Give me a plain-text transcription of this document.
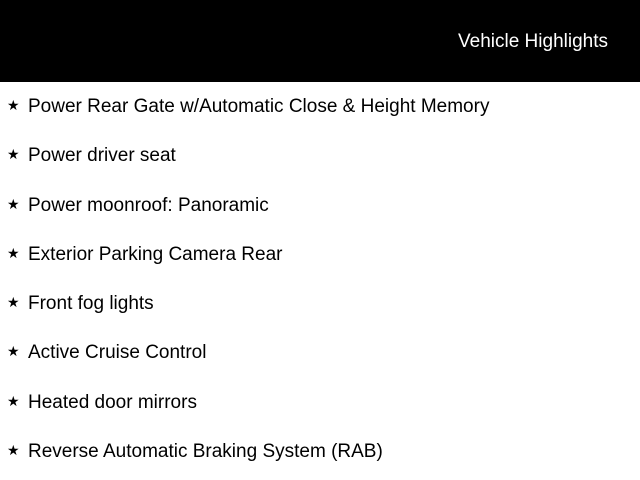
Vehicle Highlights
★ Power Rear Gate w/Automatic Close & Height Memory
★ Power driver seat
★ Power moonroof: Panoramic
★ Exterior Parking Camera Rear
★ Front fog lights
★ Active Cruise Control
★ Heated door mirrors
★ Reverse Automatic Braking System (RAB)
